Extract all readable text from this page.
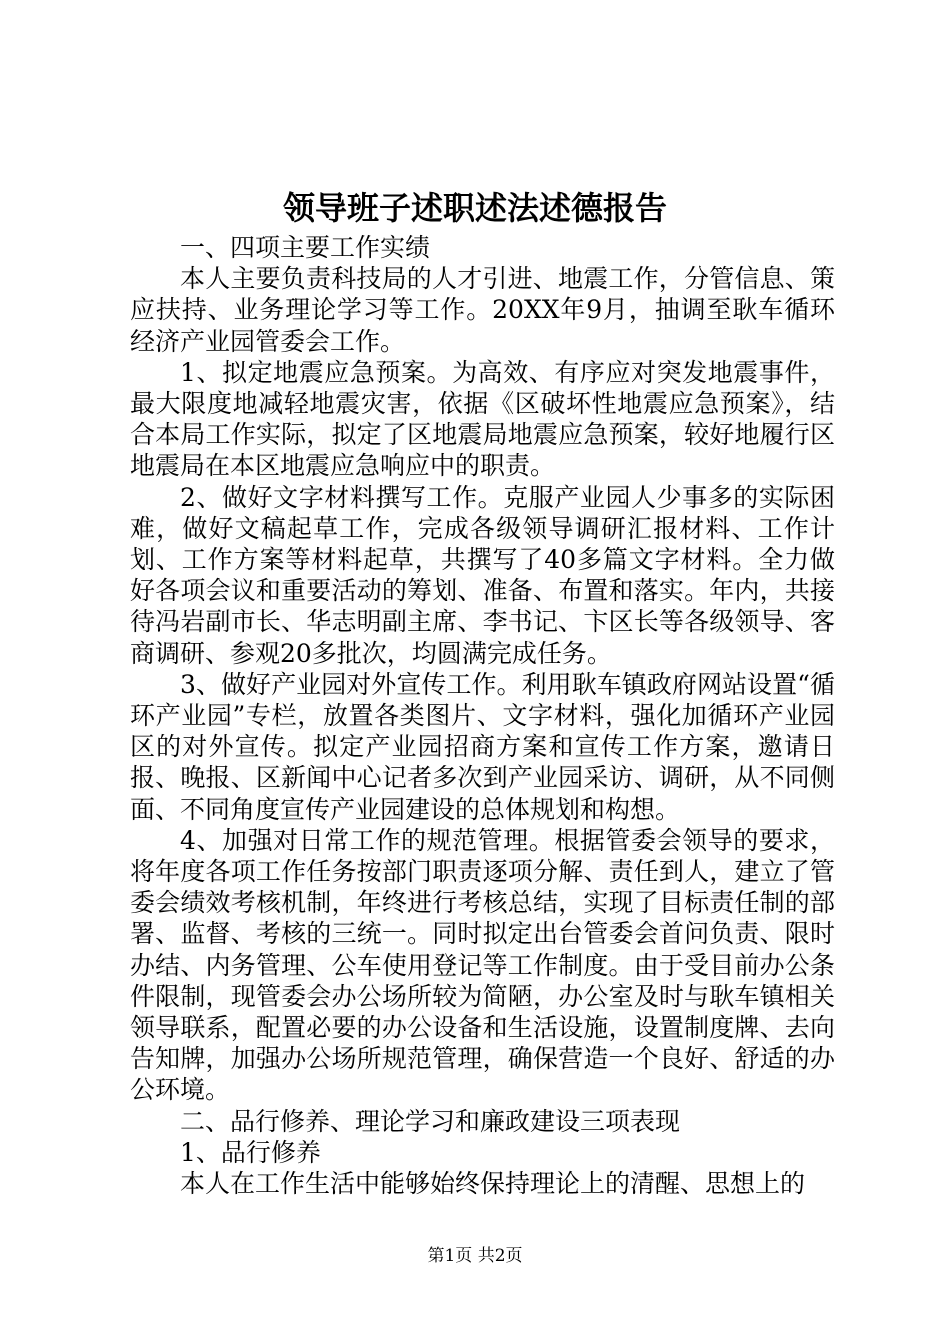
领导班子述职述法述德报告

一、四项主要工作实绩

本人主要负责科技局的人才引进、地震工作，分管信息、策应扶持、业务理论学习等工作。20XX年9月，抽调至耿车循环经济产业园管委会工作。

1、拟定地震应急预案。为高效、有序应对突发地震事件，最大限度地减轻地震灾害，依据《区破坏性地震应急预案》，结合本局工作实际，拟定了区地震局地震应急预案，较好地履行区地震局在本区地震应急响应中的职责。

2、做好文字材料撰写工作。克服产业园人少事多的实际困难，做好文稿起草工作，完成各级领导调研汇报材料、工作计划、工作方案等材料起草，共撰写了40多篇文字材料。全力做好各项会议和重要活动的筹划、准备、布置和落实。年内，共接待冯岩副市长、华志明副主席、李书记、卞区长等各级领导、客商调研、参观20多批次，均圆满完成任务。

3、做好产业园对外宣传工作。利用耿车镇政府网站设置“循环产业园”专栏，放置各类图片、文字材料，强化加循环产业园区的对外宣传。拟定产业园招商方案和宣传工作方案，邀请日报、晚报、区新闻中心记者多次到产业园采访、调研，从不同侧面、不同角度宣传产业园建设的总体规划和构想。

4、加强对日常工作的规范管理。根据管委会领导的要求，将年度各项工作任务按部门职责逐项分解、责任到人，建立了管委会绩效考核机制，年终进行考核总结，实现了目标责任制的部署、监督、考核的三统一。同时拟定出台管委会首问负责、限时办结、内务管理、公车使用登记等工作制度。由于受目前办公条件限制，现管委会办公场所较为简陋，办公室及时与耿车镇相关领导联系，配置必要的办公设备和生活设施，设置制度牌、去向告知牌，加强办公场所规范管理，确保营造一个良好、舒适的办公环境。

二、品行修养、理论学习和廉政建设三项表现

1、品行修养

本人在工作生活中能够始终保持理论上的清醒、思想上的

第1页 共2页
